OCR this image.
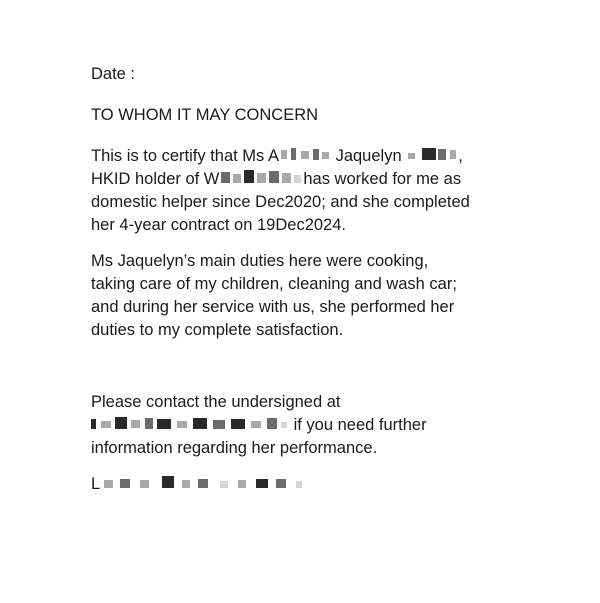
Date :
TO WHOM IT MAY CONCERN
This is to certify that Ms A	Jaquelyn	,
HKID holder of W	has worked for me as
domestic helper since Dec2020; and she completed
her 4-year contract on 19Dec2024.
Ms Jaquelyn’s main duties here were cooking,
taking care of my children, cleaning and wash car;
and during her service with us, she performed her
duties to my complete satisfaction.
Please contact the undersigned at
if you need further
information regarding her performance.
L
